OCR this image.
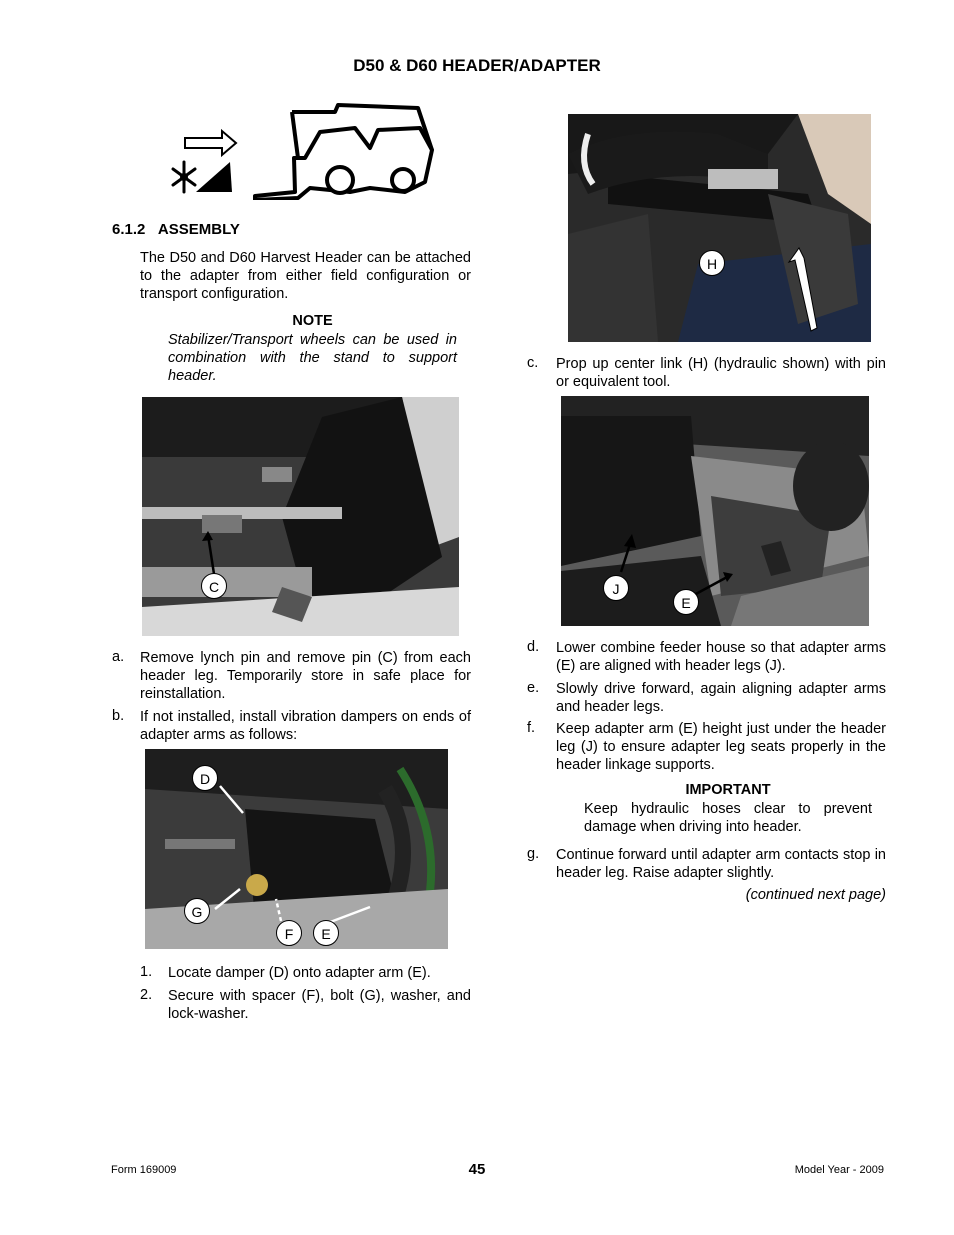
D50 & D60 HEADER/ADAPTER
6.1.2 ASSEMBLY
The D50 and D60 Harvest Header can be attached to the adapter from either field configuration or transport configuration.
NOTE
Stabilizer/Transport wheels can be used in combination with the stand to support header.
C
a. Remove lynch pin and remove pin (C) from each header leg. Temporarily store in safe place for reinstallation.
b. If not installed, install vibration dampers on ends of adapter arms as follows:
D
G
F	E
1. Locate damper (D) onto adapter arm (E).
2. Secure with spacer (F), bolt (G), washer, and lock-washer.
H
c. Prop up center link (H) (hydraulic shown) with pin or equivalent tool.
J
E
d. Lower combine feeder house so that adapter arms (E) are aligned with header legs (J).
e. Slowly drive forward, again aligning adapter arms and header legs.
f. Keep adapter arm (E) height just under the header leg (J) to ensure adapter leg seats properly in the header linkage supports.
IMPORTANT
Keep hydraulic hoses clear to prevent damage when driving into header.
g. Continue forward until adapter arm contacts stop in header leg. Raise adapter slightly.
(continued next page)
Form 169009	45	Model Year - 2009
